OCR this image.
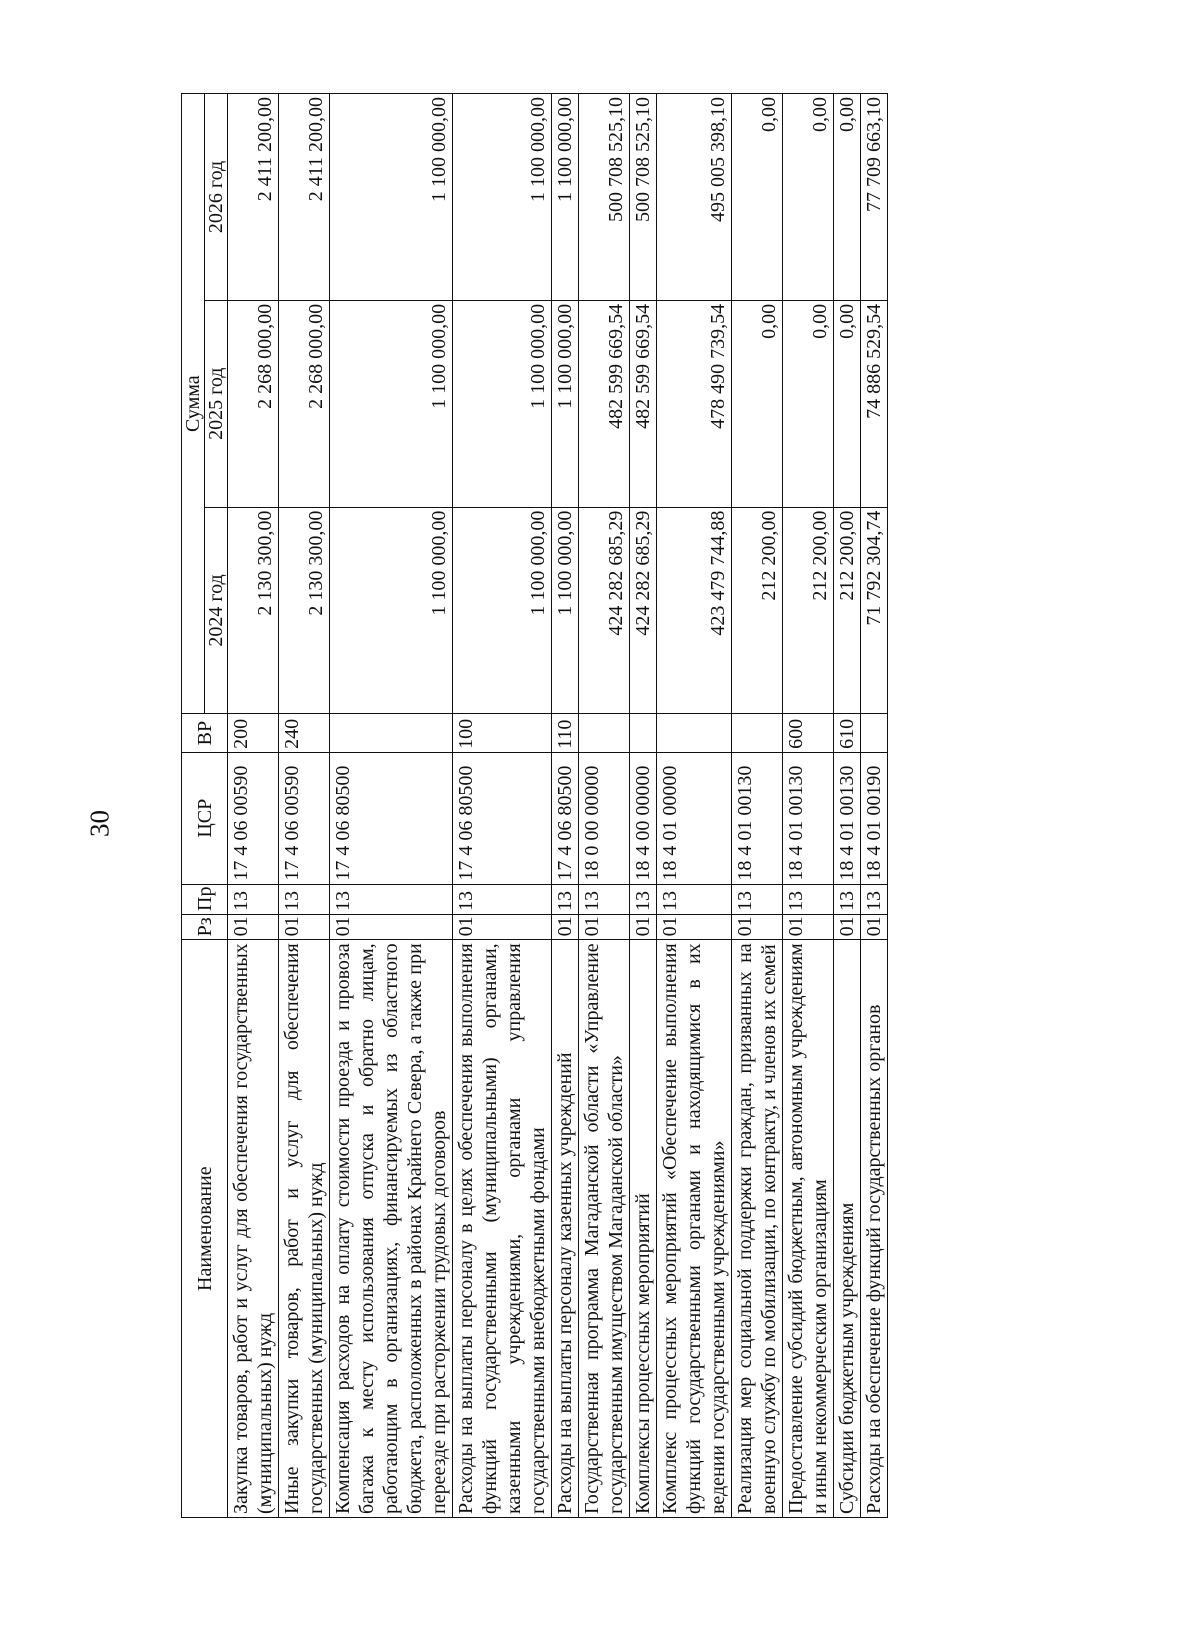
30
Наименование	Рз	Пр	ЦСР	ВР	Сумма		
					2024 год	2025 год	2026 год
Закупка товаров, работ и услуг для обеспечения государственных (муниципальных) нужд	01	13	17 4 06 00590	200	2 130 300,00	2 268 000,00	2 411 200,00
Иные закупки товаров, работ и услуг для обеспечения государственных (муниципальных) нужд	01	13	17 4 06 00590	240	2 130 300,00	2 268 000,00	2 411 200,00
Компенсация расходов на оплату стоимости проезда и провоза багажа к месту использования отпуска и обратно лицам, работающим в организациях, финансируемых из областного бюджета, расположенных в районах Крайнего Севера, а также при переезде при расторжении трудовых договоров	01	13	17 4 06 80500		1 100 000,00	1 100 000,00	1 100 000,00
Расходы на выплаты персоналу в целях обеспечения выполнения функций государственными (муниципальными) органами, казенными учреждениями, органами управления государственными внебюджетными фондами	01	13	17 4 06 80500	100	1 100 000,00	1 100 000,00	1 100 000,00
Расходы на выплаты персоналу казенных учреждений	01	13	17 4 06 80500	110	1 100 000,00	1 100 000,00	1 100 000,00
Государственная программа Магаданской области «Управление государственным имуществом Магаданской области»	01	13	18 0 00 00000		424 282 685,29	482 599 669,54	500 708 525,10
Комплексы процессных мероприятий	01	13	18 4 00 00000		424 282 685,29	482 599 669,54	500 708 525,10
Комплекс процессных мероприятий «Обеспечение выполнения функций государственными органами и находящимися в их ведении государственными учреждениями»	01	13	18 4 01 00000		423 479 744,88	478 490 739,54	495 005 398,10
Реализация мер социальной поддержки граждан, призванных на военную службу по мобилизации, по контракту, и членов их семей	01	13	18 4 01 00130		212 200,00	0,00	0,00
Предоставление субсидий бюджетным, автономным учреждениям и иным некоммерческим организациям	01	13	18 4 01 00130	600	212 200,00	0,00	0,00
Субсидии бюджетным учреждениям	01	13	18 4 01 00130	610	212 200,00	0,00	0,00
Расходы на обеспечение функций государственных органов	01	13	18 4 01 00190		71 792 304,74	74 886 529,54	77 709 663,10
